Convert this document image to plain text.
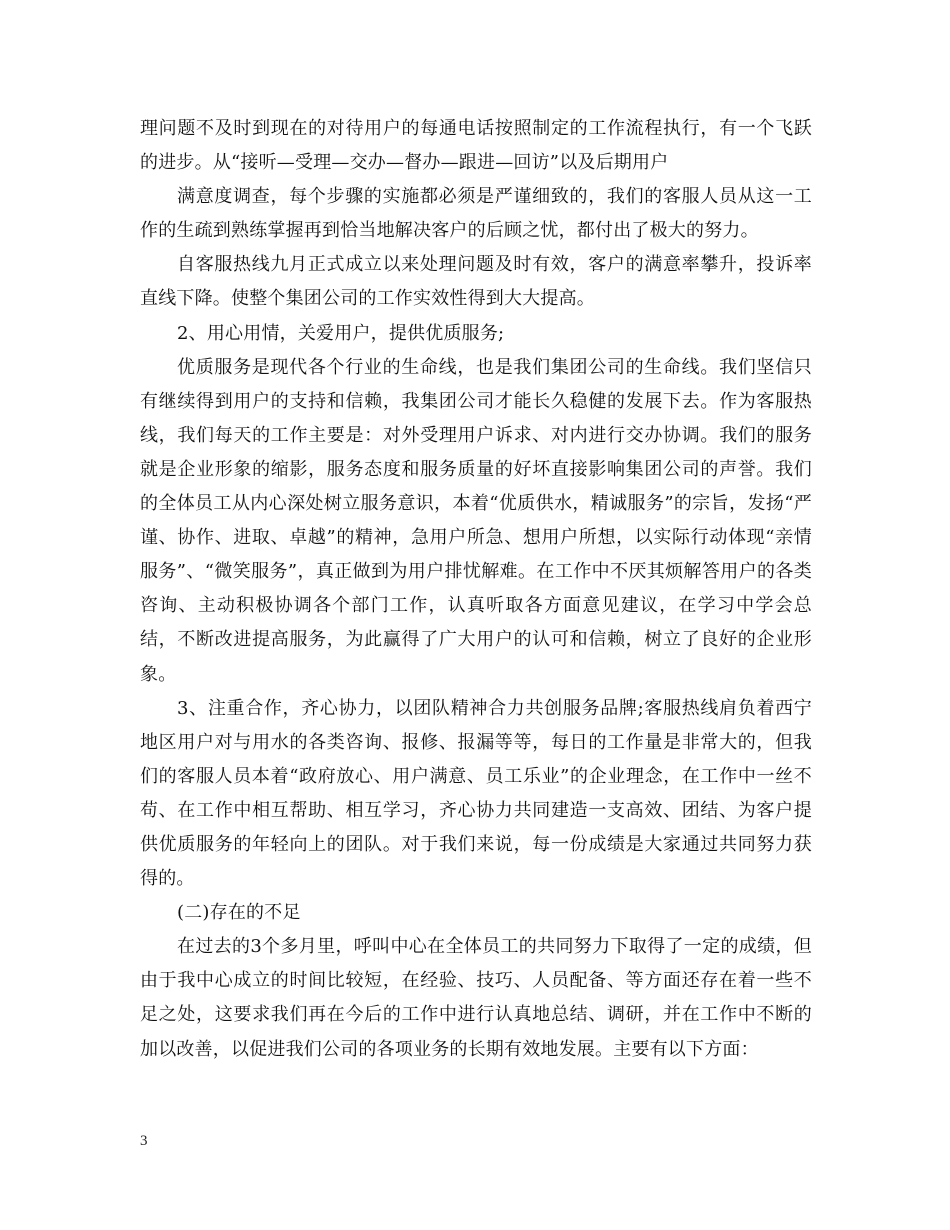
理问题不及时到现在的对待用户的每通电话按照制定的工作流程执行，有一个飞跃的进步。从“接听—受理—交办—督办—跟进—回访”以及后期用户

满意度调查，每个步骤的实施都必须是严谨细致的，我们的客服人员从这一工作的生疏到熟练掌握再到恰当地解决客户的后顾之忧，都付出了极大的努力。

自客服热线九月正式成立以来处理问题及时有效，客户的满意率攀升，投诉率直线下降。使整个集团公司的工作实效性得到大大提高。

2、用心用情，关爱用户，提供优质服务;

优质服务是现代各个行业的生命线，也是我们集团公司的生命线。我们坚信只有继续得到用户的支持和信赖，我集团公司才能长久稳健的发展下去。作为客服热线，我们每天的工作主要是：对外受理用户诉求、对内进行交办协调。我们的服务就是企业形象的缩影，服务态度和服务质量的好坏直接影响集团公司的声誉。我们的全体员工从内心深处树立服务意识，本着“优质供水，精诚服务”的宗旨，发扬“严谨、协作、进取、卓越”的精神，急用户所急、想用户所想，以实际行动体现“亲情服务”、“微笑服务”，真正做到为用户排忧解难。在工作中不厌其烦解答用户的各类咨询、主动积极协调各个部门工作，认真听取各方面意见建议，在学习中学会总结，不断改进提高服务，为此赢得了广大用户的认可和信赖，树立了良好的企业形象。

3、注重合作，齐心协力，以团队精神合力共创服务品牌;客服热线肩负着西宁地区用户对与用水的各类咨询、报修、报漏等等，每日的工作量是非常大的，但我们的客服人员本着“政府放心、用户满意、员工乐业”的企业理念，在工作中一丝不苟、在工作中相互帮助、相互学习，齐心协力共同建造一支高效、团结、为客户提供优质服务的年轻向上的团队。对于我们来说，每一份成绩是大家通过共同努力获得的。

(二)存在的不足

在过去的3个多月里，呼叫中心在全体员工的共同努力下取得了一定的成绩，但由于我中心成立的时间比较短，在经验、技巧、人员配备、等方面还存在着一些不足之处，这要求我们再在今后的工作中进行认真地总结、调研，并在工作中不断的加以改善，以促进我们公司的各项业务的长期有效地发展。主要有以下方面：

3
